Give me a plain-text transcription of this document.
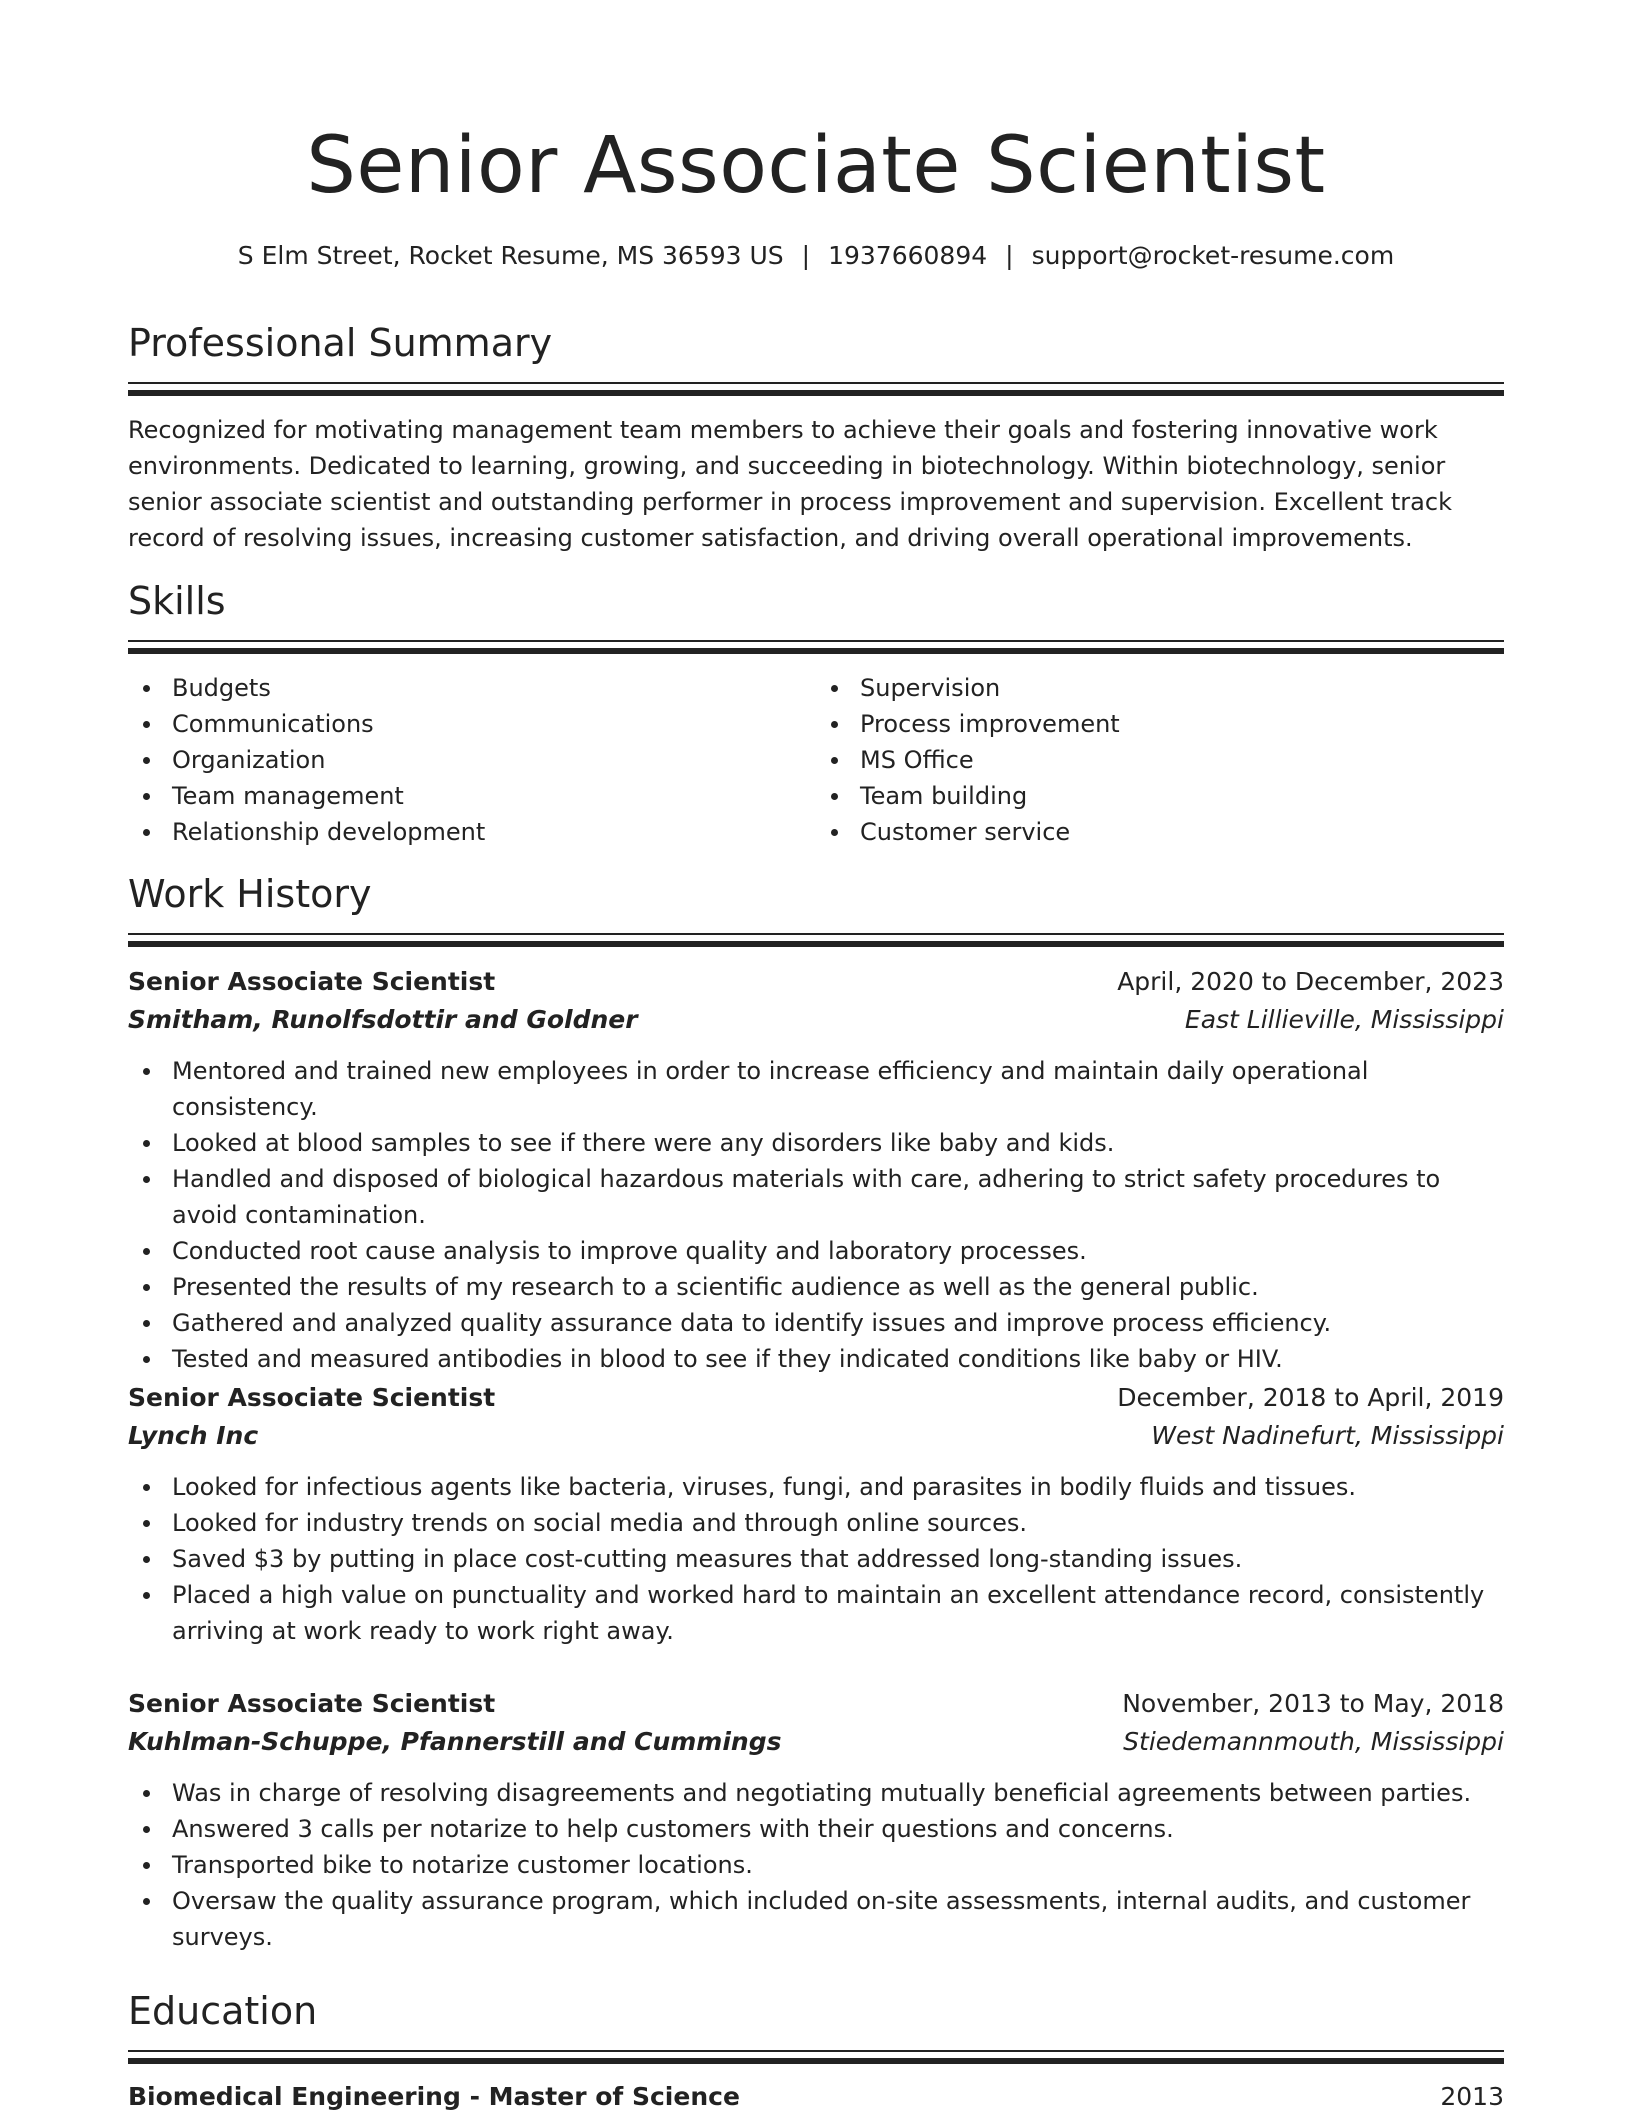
Senior Associate Scientist
S Elm Street, Rocket Resume, MS 36593 US | 1937660894 | support@rocket-resume.com
Professional Summary
Recognized for motivating management team members to achieve their goals and fostering innovative work environments. Dedicated to learning, growing, and succeeding in biotechnology. Within biotechnology, senior senior associate scientist and outstanding performer in process improvement and supervision. Excellent track record of resolving issues, increasing customer satisfaction, and driving overall operational improvements.
Skills
Budgets
Communications
Organization
Team management
Relationship development
Supervision
Process improvement
MS Office
Team building
Customer service
Work History
Senior Associate Scientist	April, 2020 to December, 2023
Smitham, Runolfsdottir and Goldner	East Lillieville, Mississippi
Mentored and trained new employees in order to increase efficiency and maintain daily operational consistency.
Looked at blood samples to see if there were any disorders like baby and kids.
Handled and disposed of biological hazardous materials with care, adhering to strict safety procedures to avoid contamination.
Conducted root cause analysis to improve quality and laboratory processes.
Presented the results of my research to a scientific audience as well as the general public.
Gathered and analyzed quality assurance data to identify issues and improve process efficiency.
Tested and measured antibodies in blood to see if they indicated conditions like baby or HIV.
Senior Associate Scientist	December, 2018 to April, 2019
Lynch Inc	West Nadinefurt, Mississippi
Looked for infectious agents like bacteria, viruses, fungi, and parasites in bodily fluids and tissues.
Looked for industry trends on social media and through online sources.
Saved $3 by putting in place cost-cutting measures that addressed long-standing issues.
Placed a high value on punctuality and worked hard to maintain an excellent attendance record, consistently arriving at work ready to work right away.
Senior Associate Scientist	November, 2013 to May, 2018
Kuhlman-Schuppe, Pfannerstill and Cummings	Stiedemannmouth, Mississippi
Was in charge of resolving disagreements and negotiating mutually beneficial agreements between parties.
Answered 3 calls per notarize to help customers with their questions and concerns.
Transported bike to notarize customer locations.
Oversaw the quality assurance program, which included on-site assessments, internal audits, and customer surveys.
Education
Biomedical Engineering - Master of Science	2013
